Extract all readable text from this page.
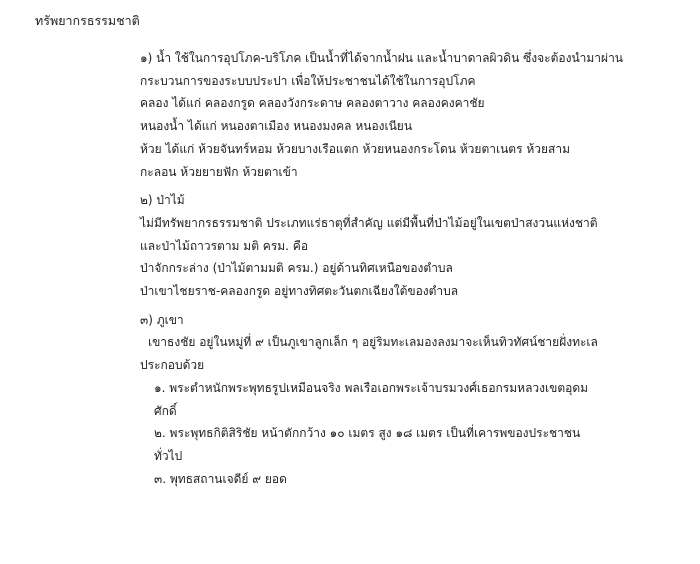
ทรัพยากรธรรมชาติ
๑) น้ำ ใช้ในการอุปโภค-บริโภค เป็นน้ำที่ได้จากน้ำฝน และน้ำบาดาลผิวดิน ซึ่งจะต้องนำมาผ่าน
กระบวนการของระบบประปา เพื่อให้ประชาชนได้ใช้ในการอุปโภค
คลอง ได้แก่ คลองกรูด คลองวังกระดาษ คลองตาวาง คลองคงคาชัย
หนองน้ำ ได้แก่ หนองตาเมือง หนองมงคล หนองเนียน
ห้วย ได้แก่ ห้วยจันทร์หอม ห้วยบางเรือแตก ห้วยหนองกระโดน ห้วยตาเนตร ห้วยสาม
กะลอน ห้วยยายฟัก ห้วยตาเข้า
๒) ป่าไม้
ไม่มีทรัพยากรธรรมชาติ ประเภทแร่ธาตุที่สำคัญ แต่มีพื้นที่ป่าไม้อยู่ในเขตป่าสงวนแห่งชาติ
และป่าไม้ถาวรตาม มติ ครม. คือ
ป่าจักกระล่าง (ป่าไม้ตามมติ ครม.) อยู่ด้านทิศเหนือของตำบล
ป่าเขาไชยราช-คลองกรูด อยู่ทางทิศตะวันตกเฉียงใต้ของตำบล
๓) ภูเขา
เขาธงชัย อยู่ในหมู่ที่ ๙ เป็นภูเขาลูกเล็ก ๆ อยู่ริมทะเลมองลงมาจะเห็นทิวทัศน์ชายฝั่งทะเล
ประกอบด้วย
๑. พระตำหนักพระพุทธรูปเหมือนจริง พลเรือเอกพระเจ้าบรมวงศ์เธอกรมหลวงเขตอุดม
ศักดิ์
๒. พระพุทธกิติสิริชัย หน้าตักกว้าง ๑๐ เมตร สูง ๑๘ เมตร เป็นที่เคารพของประชาชน
ทั่วไป
๓. พุทธสถานเจดีย์ ๙ ยอด
